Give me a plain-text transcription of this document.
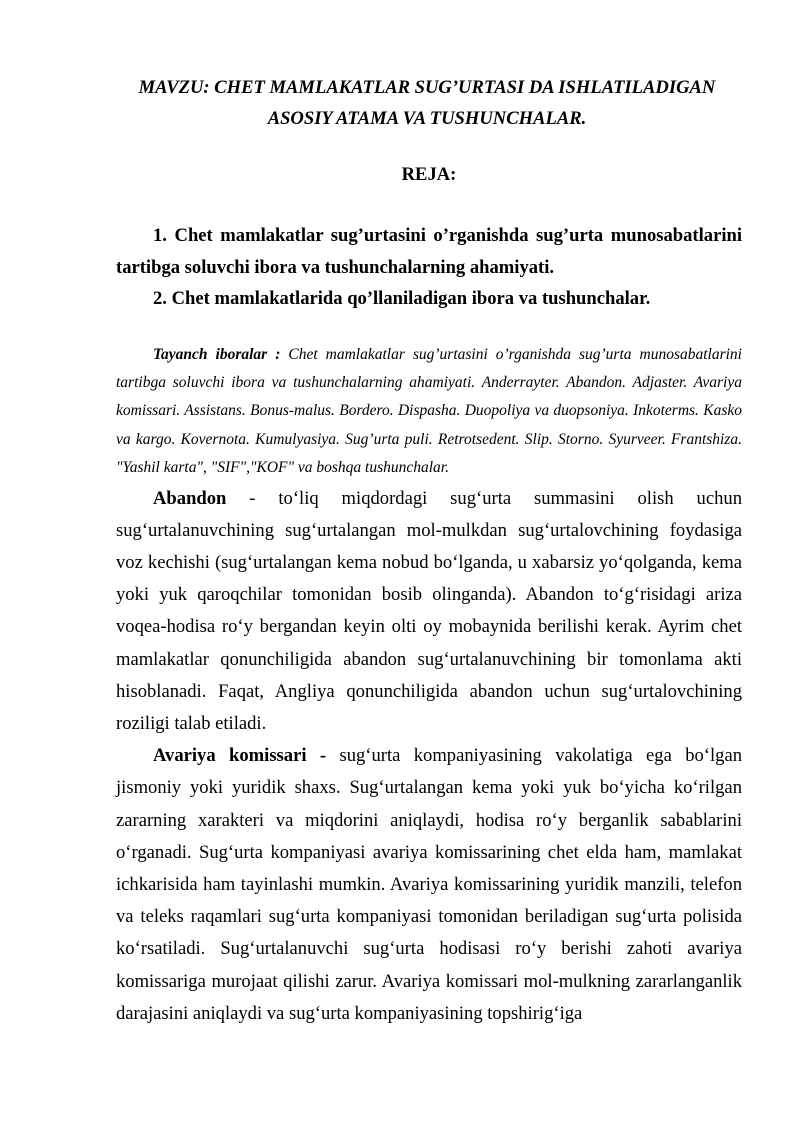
MAVZU: CHET MAMLAKATLAR SUG’URTASI DA ISHLATILADIGAN
ASOSIY ATAMA VA TUSHUNCHALAR.
REJA:

1. Chet mamlakatlar sug’urtasini o’rganishda sug’urta munosabatlarini tartibga soluvchi ibora va tushunchalarning ahamiyati.

2. Chet mamlakatlarida qo’llaniladigan ibora va tushunchalar.

Tayanch iboralar : Chet mamlakatlar sug’urtasini o’rganishda sug’urta munosabatlarini tartibga soluvchi ibora va tushunchalarning ahamiyati. Anderrayter. Abandon. Adjaster. Avariya komissari. Assistans. Bonus-malus. Bordero. Dispasha. Duopoliya va duopsoniya. Inkoterms. Kasko va kargo. Kovernota. Kumulyasiya. Sug’urta puli. Retrotsedent. Slip. Storno. Syurveer. Frantshiza. "Yashil karta", "SIF","KOF" va boshqa tushunchalar.

Abandon - to‘liq miqdordagi sug‘urta summasini olish uchun sug‘urtalanuvchining sug‘urtalangan mol-mulkdan sug‘urtalovchining foydasiga voz kechishi (sug‘urtalangan kema nobud bo‘lganda, u xabarsiz yo‘qolganda, kema yoki yuk qaroqchilar tomonidan bosib olinganda). Abandon to‘g‘risidagi ariza voqea-hodisa ro‘y bergandan keyin olti oy mobaynida berilishi kerak. Ayrim chet mamlakatlar qonunchiligida abandon sug‘urtalanuvchining bir tomonlama akti hisoblanadi. Faqat, Angliya qonunchiligida abandon uchun sug‘urtalovchining roziligi talab etiladi.

Avariya komissari - sug‘urta kompaniyasining vakolatiga ega bo‘lgan jismoniy yoki yuridik shaxs. Sug‘urtalangan kema yoki yuk bo‘yicha ko‘rilgan zararning xarakteri va miqdorini aniqlaydi, hodisa ro‘y berganlik sabablarini o‘rganadi. Sug‘urta kompaniyasi avariya komissarining chet elda ham, mamlakat ichkarisida ham tayinlashi mumkin. Avariya komissarining yuridik manzili, telefon va teleks raqamlari sug‘urta kompaniyasi tomonidan beriladigan sug‘urta polisida ko‘rsatiladi. Sug‘urtalanuvchi sug‘urta hodisasi ro‘y berishi zahoti avariya komissariga murojaat qilishi zarur. Avariya komissari mol-mulkning zararlanganlik darajasini aniqlaydi va sug‘urta kompaniyasining topshirig‘iga
